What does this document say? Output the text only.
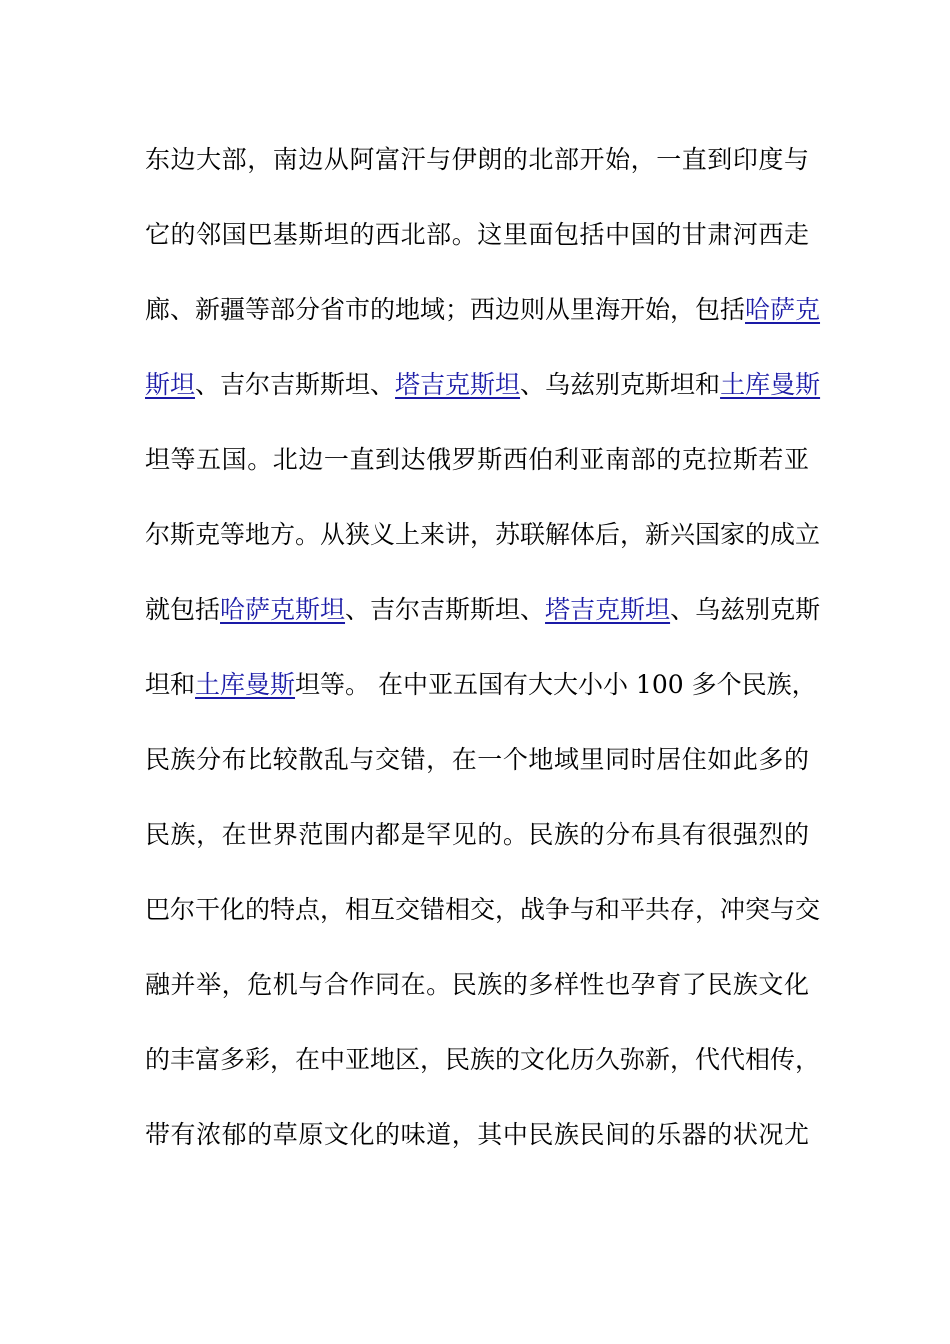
东边大部，南边从阿富汗与伊朗的北部开始，一直到印度与
它的邻国巴基斯坦的西北部。这里面包括中国的甘肃河西走
廊、新疆等部分省市的地域；西边则从里海开始，包括哈萨克
斯坦、吉尔吉斯斯坦、塔吉克斯坦、乌兹别克斯坦和土库曼斯
坦等五国。北边一直到达俄罗斯西伯利亚南部的克拉斯若亚
尔斯克等地方。从狭义上来讲，苏联解体后，新兴国家的成立
就包括哈萨克斯坦、吉尔吉斯斯坦、塔吉克斯坦、乌兹别克斯
坦和土库曼斯坦等。 在中亚五国有大大小小 100 多个民族，
民族分布比较散乱与交错，在一个地域里同时居住如此多的
民族，在世界范围内都是罕见的。民族的分布具有很强烈的
巴尔干化的特点，相互交错相交，战争与和平共存，冲突与交
融并举，危机与合作同在。民族的多样性也孕育了民族文化
的丰富多彩，在中亚地区，民族的文化历久弥新，代代相传，
带有浓郁的草原文化的味道，其中民族民间的乐器的状况尤
